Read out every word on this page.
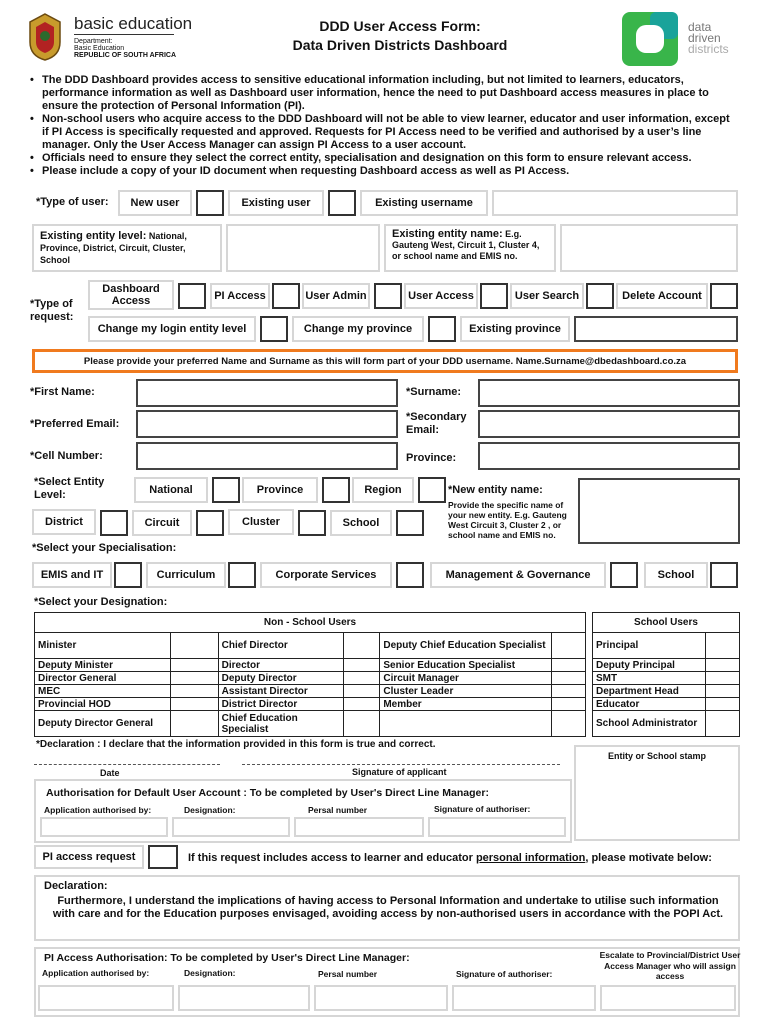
basic education
Department:
Basic Education
REPUBLIC OF SOUTH AFRICA
DDD User Access Form:
Data Driven Districts Dashboard
data
driven
districts
• The DDD Dashboard provides access to sensitive educational information including, but not limited to learners, educators, performance information as well as Dashboard user information, hence the need to put Dashboard access measures in place to ensure the protection of Personal Information (PI).
• Non-school users who acquire access to the DDD Dashboard will not be able to view learner, educator and user information, except if PI Access is specifically requested and approved. Requests for PI Access need to be verified and authorised by a user’s line manager. Only the User Access Manager can assign PI Access to a user account.
• Officials need to ensure they select the correct entity, specialisation and designation on this form to ensure relevant access.
• Please include a copy of your ID document when requesting Dashboard access as well as PI Access.
*Type of user:	New user	Existing user	Existing username
Existing entity level: National, Province, District, Circuit, Cluster, School
Existing entity name: E.g. Gauteng West, Circuit 1, Cluster 4, or school name and EMIS no.
*Type of request:
Dashboard Access	PI Access	User Admin	User Access	User Search	Delete Account
Change my login entity level	Change my province	Existing province
Please provide your preferred Name and Surname as this will form part of your DDD username. Name.Surname@dbedashboard.co.za
*First Name:	*Surname:
*Preferred Email:
*Secondary Email:
*Cell Number:	Province:
*Select Entity Level:	National	Province	Region	*New entity name:
Provide the specific name of your new entity. E.g. Gauteng West Circuit 3, Cluster 2 , or school name and EMIS no.
District	Circuit	Cluster	School
*Select your Specialisation:
EMIS and IT	Curriculum	Corporate Services	Management & Governance	School
*Select your Designation:
Non - School Users					
Minister		Chief Director		Deputy Chief Education Specialist	
Deputy Minister		Director		Senior Education Specialist	
Director General		Deputy Director		Circuit Manager	
MEC		Assistant Director		Cluster Leader	
Provincial HOD		District Director		Member	
Deputy Director General		Chief Education Specialist			
School Users	
Principal	
Deputy Principal	
SMT	
Department Head	
Educator	
School Administrator	
*Declaration : I declare that the information provided in this form is true and correct.
Entity or School stamp
Date	Signature of applicant
Authorisation for Default User Account : To be completed by User's Direct Line Manager:
Application authorised by:	Designation:	Persal number	Signature of authoriser:
PI access request	If this request includes access to learner and educator personal information, please motivate below:
Declaration:
Furthermore, I understand the implications of having access to Personal Information and undertake to utilise such information with care and for the Education purposes envisaged, avoiding access by non-authorised users in accordance with the POPI Act.
PI Access Authorisation: To be completed by User's Direct Line Manager:	Escalate to Provincial/District User Access Manager who will assign access
Application authorised by:	Designation:	Persal number	Signature of authoriser:
